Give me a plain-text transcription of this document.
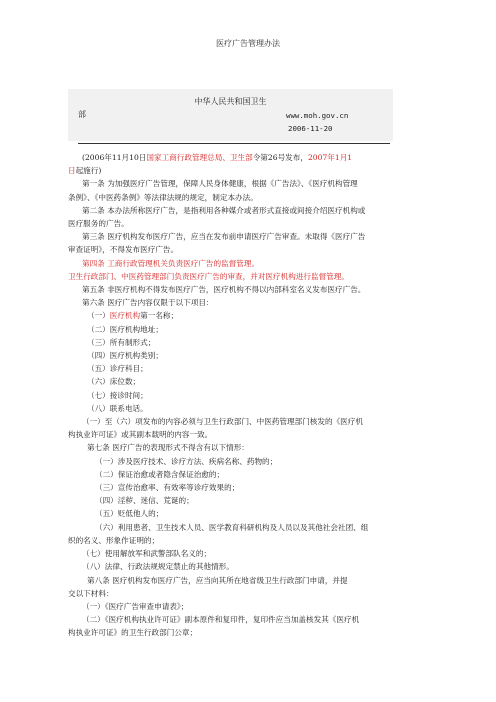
医疗广告管理办法
中华人民共和国卫生
部	www.moh.gov.cn
2006-11-20

(2006年11月10日国家工商行政管理总局、卫生部令第26号发布，2007年1月1

日起施行)

第一条 为加强医疗广告管理，保障人民身体健康，根据《广告法》、《医疗机构管理

条例》、《中医药条例》等法律法规的规定，制定本办法。

第二条 本办法所称医疗广告，是指利用各种媒介或者形式直接或间接介绍医疗机构或

医疗服务的广告。

第三条 医疗机构发布医疗广告，应当在发布前申请医疗广告审查。未取得《医疗广告

审查证明》，不得发布医疗广告。

第四条 工商行政管理机关负责医疗广告的监督管理。

卫生行政部门、中医药管理部门负责医疗广告的审查，并对医疗机构进行监督管理。

第五条 非医疗机构不得发布医疗广告，医疗机构不得以内部科室名义发布医疗广告。

第六条 医疗广告内容仅限于以下项目：

（一）医疗机构第一名称；

（二）医疗机构地址；

（三）所有制形式；

（四）医疗机构类别；

（五）诊疗科目；

（六）床位数；

（七）接诊时间；

（八）联系电话。

（一）至（六）项发布的内容必须与卫生行政部门、中医药管理部门核发的《医疗机

构执业许可证》或其副本载明的内容一致。

第七条 医疗广告的表现形式不得含有以下情形：

（一）涉及医疗技术、诊疗方法、疾病名称、药物的；

（二）保证治愈或者隐含保证治愈的；

（三）宣传治愈率、有效率等诊疗效果的；

（四）淫秽、迷信、荒诞的；

（五）贬低他人的；

（六）利用患者、卫生技术人员、医学教育科研机构及人员以及其他社会社团、组

织的名义、形象作证明的；

（七）使用解放军和武警部队名义的；

（八）法律、行政法规规定禁止的其他情形。

第八条 医疗机构发布医疗广告，应当向其所在地省级卫生行政部门申请，并提

交以下材料：

（一）《医疗广告审查申请表》；

（二）《医疗机构执业许可证》副本原件和复印件，复印件应当加盖核发其《医疗机

构执业许可证》的卫生行政部门公章；
